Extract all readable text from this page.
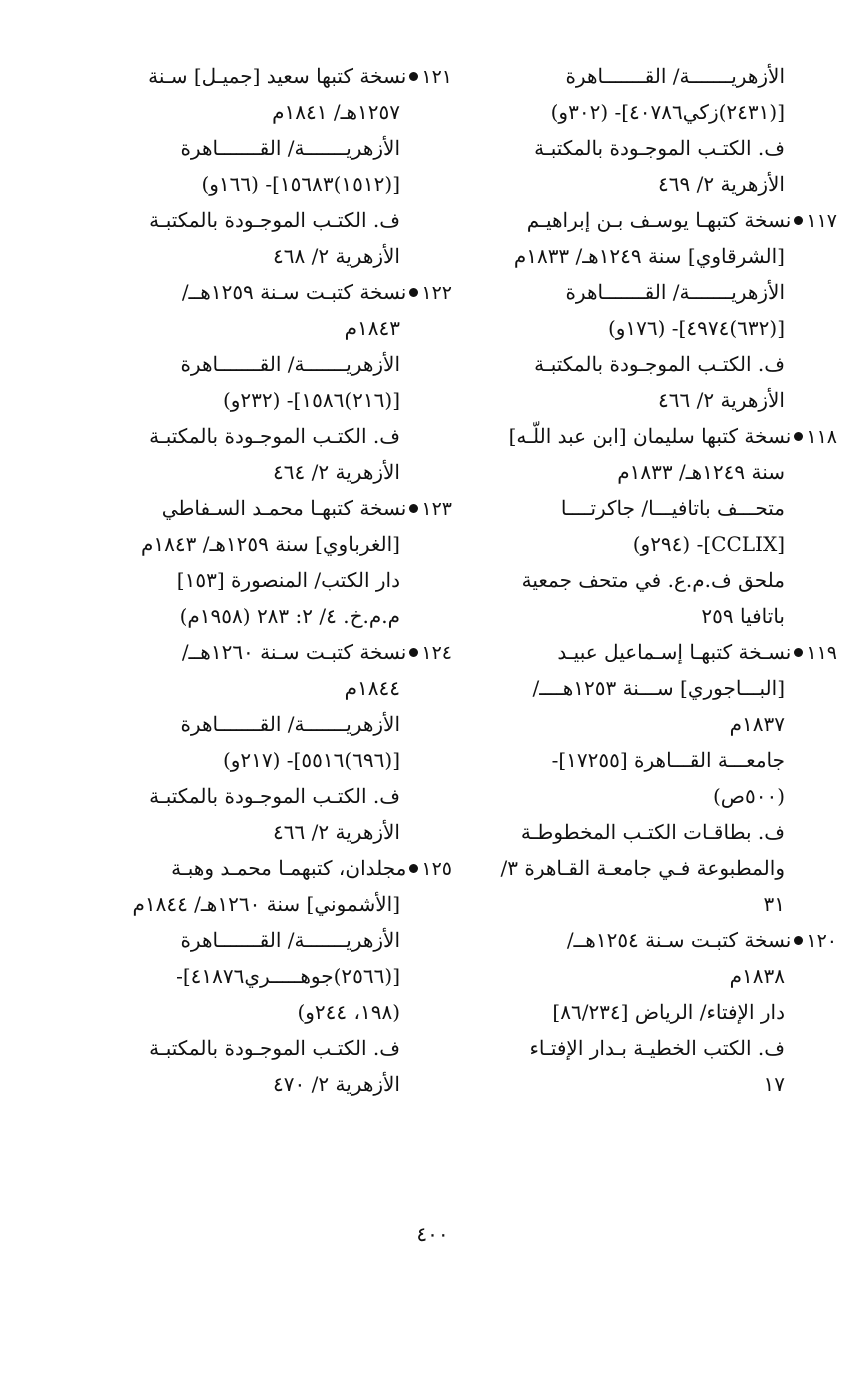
الأزهريـــــــة/ القـــــــاهرة
[(٢٤٣١)زكي٤٠٧٨٦]- (٣٠٢و)
ف. الكتـب الموجـودة بالمكتبـة
الأزهرية ٢/ ٤٦٩
١١٧نسخة كتبهـا يوسـف بـن إبراهيـم
[الشرقاوي] سنة ١٢٤٩هـ/ ١٨٣٣م
الأزهريـــــــة/ القـــــــاهرة
[(٦٣٢)٤٩٧٤]- (١٧٦و)
ف. الكتـب الموجـودة بالمكتبـة
الأزهرية ٢/ ٤٦٦
١١٨نسخة كتبها سليمان [ابن عبد اللّـه]
سنة ١٢٤٩هـ/ ١٨٣٣م
متحـــف باتافيـــا/ جاكرتــــا
[CCLIX]- (٢٩٤و)
ملحق ف.م.ع. في متحف جمعية
باتافيا ٢٥٩
١١٩نسـخة كتبهـا إسـماعيل عبيـد
[البـــاجوري] ســـنة ١٢٥٣هــــ/
١٨٣٧م
جامعـــة القـــاهرة [١٧٢٥٥]-
(٥٠٠ص)
ف. بطاقـات الكتـب المخطوطـة
والمطبوعة فـي جامعـة القـاهرة ٣/
٣١
١٢٠نسخة كتبـت سـنة ١٢٥٤هــ/
١٨٣٨م
دار الإفتاء/ الرياض [٨٦/٢٣٤]
ف. الكتب الخطيـة بـدار الإفتـاء
١٧
١٢١نسخة كتبها سعيد [جميـل] سـنة
١٢٥٧هـ/ ١٨٤١م
الأزهريـــــــة/ القـــــــاهرة
[(١٥١٢)١٥٦٨٣]- (١٦٦و)
ف. الكتـب الموجـودة بالمكتبـة
الأزهرية ٢/ ٤٦٨
١٢٢نسخة كتبـت سـنة ١٢٥٩هــ/
١٨٤٣م
الأزهريـــــــة/ القـــــــاهرة
[(٢١٦)١٥٨٦]- (٢٣٢و)
ف. الكتـب الموجـودة بالمكتبـة
الأزهرية ٢/ ٤٦٤
١٢٣نسخة كتبهـا محمـد السـفاطي
[الغرباوي] سنة ١٢٥٩هـ/ ١٨٤٣م
دار الكتب/ المنصورة [١٥٣]
م.م.خ. ٤/ ٢: ٢٨٣ (١٩٥٨م)
١٢٤نسخة كتبـت سـنة ١٢٦٠هــ/
١٨٤٤م
الأزهريـــــــة/ القـــــــاهرة
[(٦٩٦)٥٥١٦]- (٢١٧و)
ف. الكتـب الموجـودة بالمكتبـة
الأزهرية ٢/ ٤٦٦
١٢٥مجلدان، كتبهمـا محمـد وهبـة
[الأشموني] سنة ١٢٦٠هـ/ ١٨٤٤م
الأزهريـــــــة/ القـــــــاهرة
[(٢٥٦٦)جوهـــــري٤١٨٧٦]-
(١٩٨، ٢٤٤و)
ف. الكتـب الموجـودة بالمكتبـة
الأزهرية ٢/ ٤٧٠
٤٠٠
